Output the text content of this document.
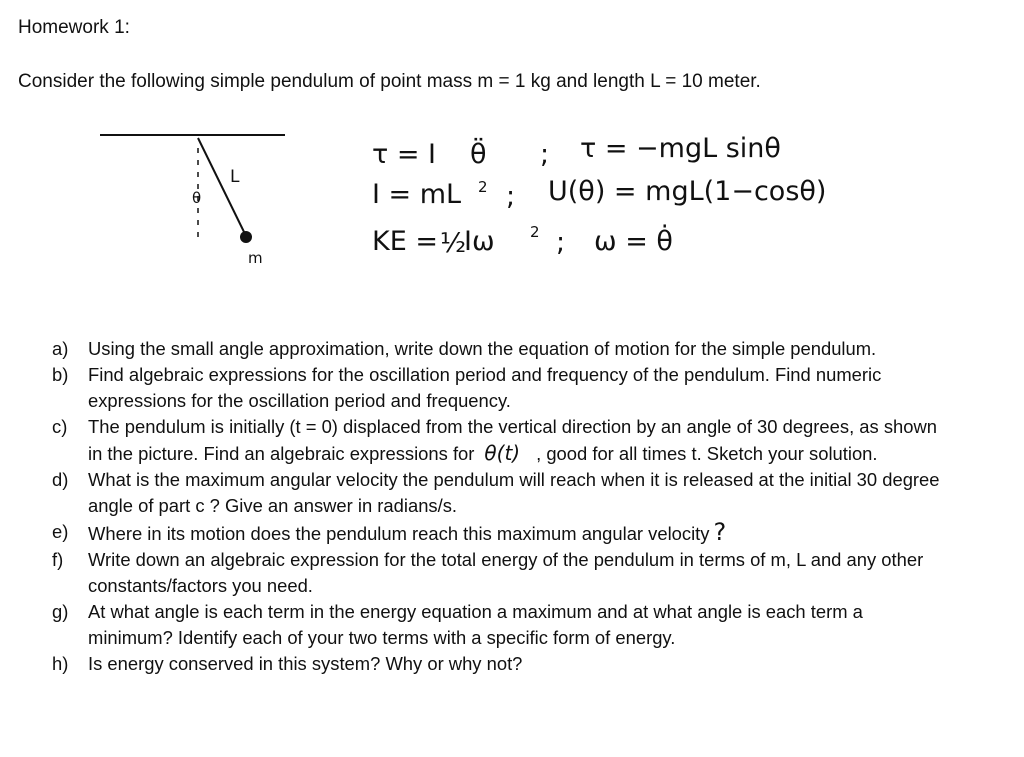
Homework 1:
Consider the following simple pendulum of point mass m = 1 kg and length L = 10 meter.
θ
L
m
τ = I θ̈ ; τ = −mgL sinθ
I = mL 2 ; U(θ) = mgL(1−cosθ)
KE = ½
Iω 2 ; ω = θ̇
a) Using the small angle approximation, write down the equation of motion for the simple pendulum.
b) Find algebraic expressions for the oscillation period and frequency of the pendulum. Find numeric expressions for the oscillation period and frequency.
c) The pendulum is initially (t = 0) displaced from the vertical direction by an angle of 30 degrees, as shown in the picture. Find an algebraic expressions for θ(t) , good for all times t. Sketch your solution.
d) What is the maximum angular velocity the pendulum will reach when it is released at the initial 30 degree angle of part c ? Give an answer in radians/s.
e) Where in its motion does the pendulum reach this maximum angular velocity ?
f) Write down an algebraic expression for the total energy of the pendulum in terms of m, L and any other constants/factors you need.
g) At what angle is each term in the energy equation a maximum and at what angle is each term a minimum? Identify each of your two terms with a specific form of energy.
h) Is energy conserved in this system? Why or why not?
